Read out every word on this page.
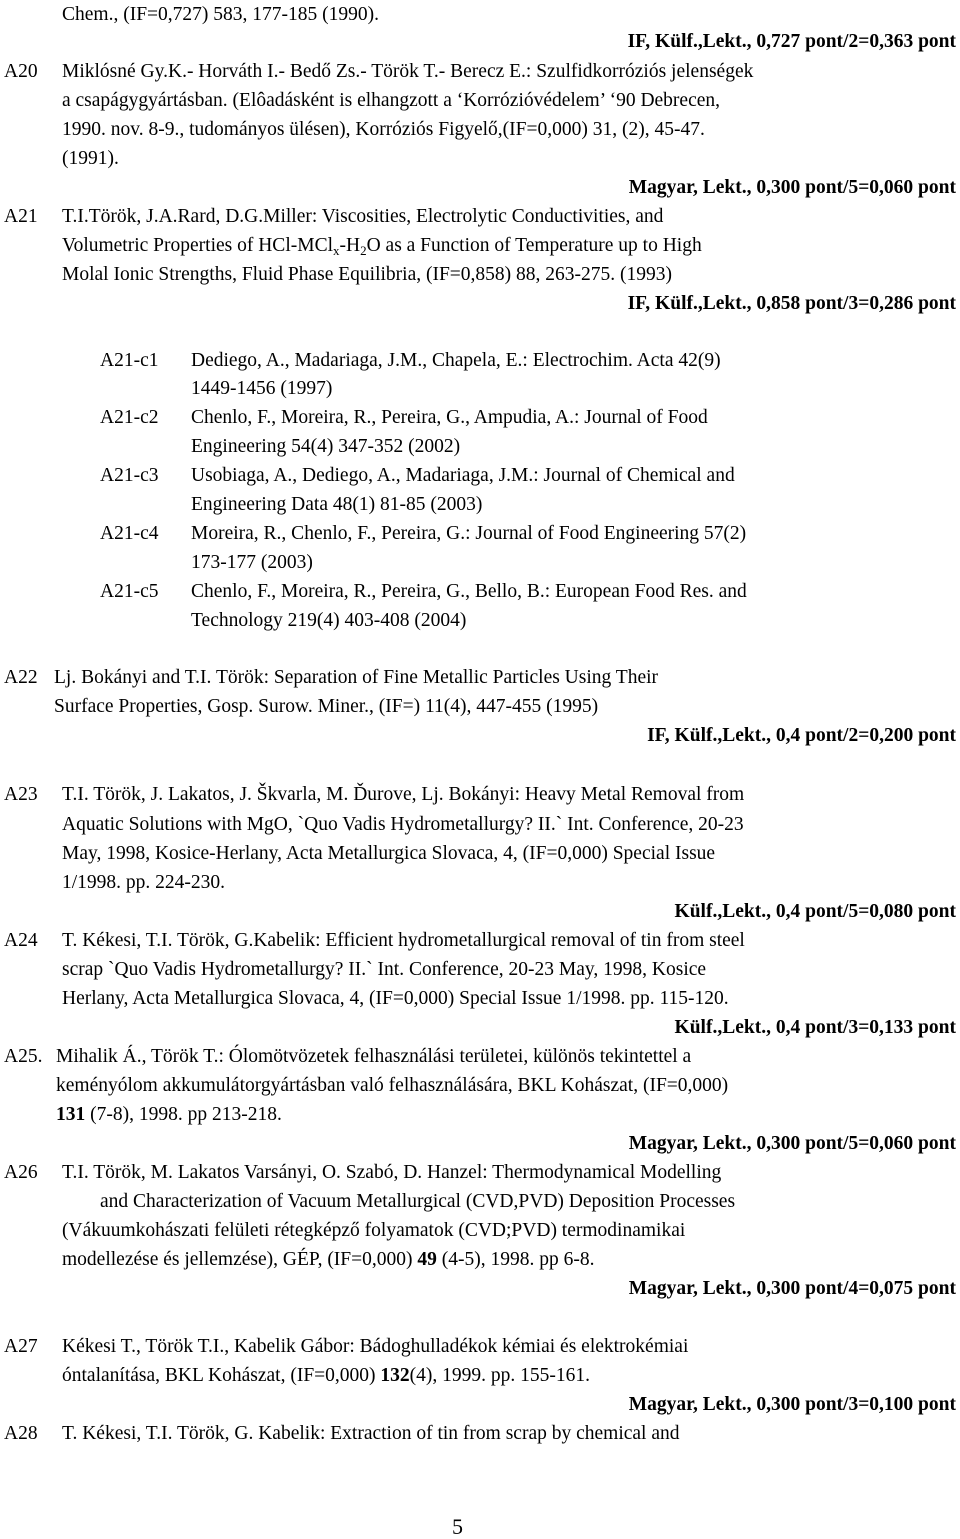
Chem., (IF=0,727) 583, 177-185 (1990).
IF, Külf.,Lekt., 0,727 pont/2=0,363 pont
A20 Miklósné Gy.K.- Horváth I.- Bedő Zs.- Török T.- Berecz E.: Szulfidkorróziós jelenségek
a csapágygyártásban. (Elôadásként is elhangzott a ‘Korrózióvédelem’ ‘90 Debrecen,
1990. nov. 8-9., tudományos ülésen), Korróziós Figyelő,(IF=0,000) 31, (2), 45-47.
(1991).
Magyar, Lekt., 0,300 pont/5=0,060 pont
A21 T.I.Török, J.A.Rard, D.G.Miller: Viscosities, Electrolytic Conductivities, and
Volumetric Properties of HCl-$MCl_x-H_2O$ as a Function of Temperature up to High
Molal Ionic Strengths, Fluid Phase Equilibria, (IF=0,858) 88, 263-275. (1993)
IF, Külf.,Lekt., 0,858 pont/3=0,286 pont
A21-c1 Dediego, A., Madariaga, J.M., Chapela, E.: Electrochim. Acta 42(9)
1449-1456 (1997)
A21-c2 Chenlo, F., Moreira, R., Pereira, G., Ampudia, A.: Journal of Food
Engineering 54(4) 347-352 (2002)
A21-c3 Usobiaga, A., Dediego, A., Madariaga, J.M.: Journal of Chemical and
Engineering Data 48(1) 81-85 (2003)
A21-c4 Moreira, R., Chenlo, F., Pereira, G.: Journal of Food Engineering 57(2)
173-177 (2003)
A21-c5 Chenlo, F., Moreira, R., Pereira, G., Bello, B.: European Food Res. and
Technology 219(4) 403-408 (2004)
A22 Lj. Bokányi and T.I. Török: Separation of Fine Metallic Particles Using Their
Surface Properties, Gosp. Surow. Miner., (IF=) 11(4), 447-455 (1995)
IF, Külf.,Lekt., 0,4 pont/2=0,200 pont
A23 T.I. Török, J. Lakatos, J. Škvarla, M. Ďurove, Lj. Bokányi: Heavy Metal Removal from
Aquatic Solutions with MgO, `Quo Vadis Hydrometallurgy? II.` Int. Conference, 20-23
May, 1998, Kosice-Herlany, Acta Metallurgica Slovaca, 4, (IF=0,000) Special Issue
1/1998. pp. 224-230.
Külf.,Lekt., 0,4 pont/5=0,080 pont
A24 T. Kékesi, T.I. Török, G.Kabelik: Efficient hydrometallurgical removal of tin from steel
scrap `Quo Vadis Hydrometallurgy? II.` Int. Conference, 20-23 May, 1998, Kosice
Herlany, Acta Metallurgica Slovaca, 4, (IF=0,000) Special Issue 1/1998. pp. 115-120.
Külf.,Lekt., 0,4 pont/3=0,133 pont
A25. Mihalik Á., Török T.: Ólomötvözetek felhasználási területei, különös tekintettel a
keményólom akkumulátorgyártásban való felhasználására, BKL Kohászat, (IF=0,000)
131 (7-8), 1998. pp 213-218.
Magyar, Lekt., 0,300 pont/5=0,060 pont
A26 T.I. Török, M. Lakatos Varsányi, O. Szabó, D. Hanzel: Thermodynamical Modelling
and Characterization of Vacuum Metallurgical (CVD,PVD) Deposition Processes
(Vákuumkohászati felületi rétegképző folyamatok (CVD;PVD) termodinamikai
modellezése és jellemzése), GÉP, (IF=0,000) 49 (4-5), 1998. pp 6-8.
Magyar, Lekt., 0,300 pont/4=0,075 pont
A27 Kékesi T., Török T.I., Kabelik Gábor: Bádoghulladékok kémiai és elektrokémiai
óntalanítása, BKL Kohászat, (IF=0,000) 132(4), 1999. pp. 155-161.
Magyar, Lekt., 0,300 pont/3=0,100 pont
A28 T. Kékesi, T.I. Török, G. Kabelik: Extraction of tin from scrap by chemical and
5
